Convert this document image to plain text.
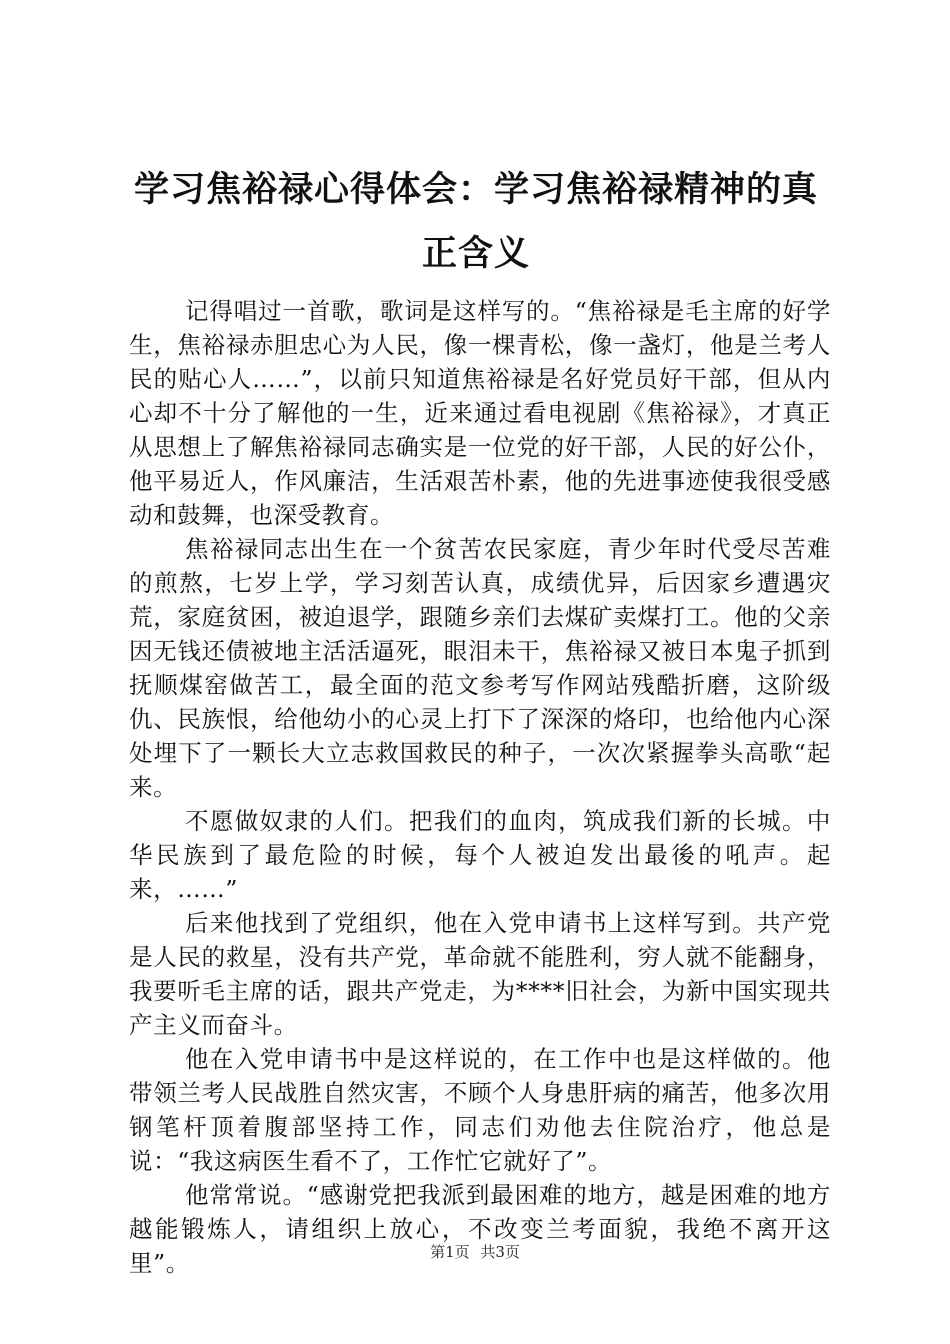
学习焦裕禄心得体会：学习焦裕禄精神的真正含义

记得唱过一首歌，歌词是这样写的。“焦裕禄是毛主席的好学生，焦裕禄赤胆忠心为人民，像一棵青松，像一盏灯，他是兰考人民的贴心人……”，以前只知道焦裕禄是名好党员好干部，但从内心却不十分了解他的一生，近来通过看电视剧《焦裕禄》，才真正从思想上了解焦裕禄同志确实是一位党的好干部，人民的好公仆，他平易近人，作风廉洁，生活艰苦朴素，他的先进事迹使我很受感动和鼓舞，也深受教育。

焦裕禄同志出生在一个贫苦农民家庭，青少年时代受尽苦难的煎熬，七岁上学，学习刻苦认真，成绩优异，后因家乡遭遇灾荒，家庭贫困，被迫退学，跟随乡亲们去煤矿卖煤打工。他的父亲因无钱还债被地主活活逼死，眼泪未干，焦裕禄又被日本鬼子抓到抚顺煤窑做苦工，最全面的范文参考写作网站残酷折磨，这阶级仇、民族恨，给他幼小的心灵上打下了深深的烙印，也给他内心深处埋下了一颗长大立志救国救民的种子，一次次紧握拳头高歌“起来。

不愿做奴隶的人们。把我们的血肉，筑成我们新的长城。中华民族到了最危险的时候，每个人被迫发出最後的吼声。起来，……”

后来他找到了党组织，他在入党申请书上这样写到。共产党是人民的救星，没有共产党，革命就不能胜利，穷人就不能翻身，我要听毛主席的话，跟共产党走，为****旧社会，为新中国实现共产主义而奋斗。

他在入党申请书中是这样说的，在工作中也是这样做的。他带领兰考人民战胜自然灾害，不顾个人身患肝病的痛苦，他多次用钢笔杆顶着腹部坚持工作，同志们劝他去住院治疗，他总是说：“我这病医生看不了，工作忙它就好了”。

他常常说。“感谢党把我派到最困难的地方，越是困难的地方越能锻炼人，请组织上放心，不改变兰考面貌，我绝不离开这里”。	第1页 共3页
